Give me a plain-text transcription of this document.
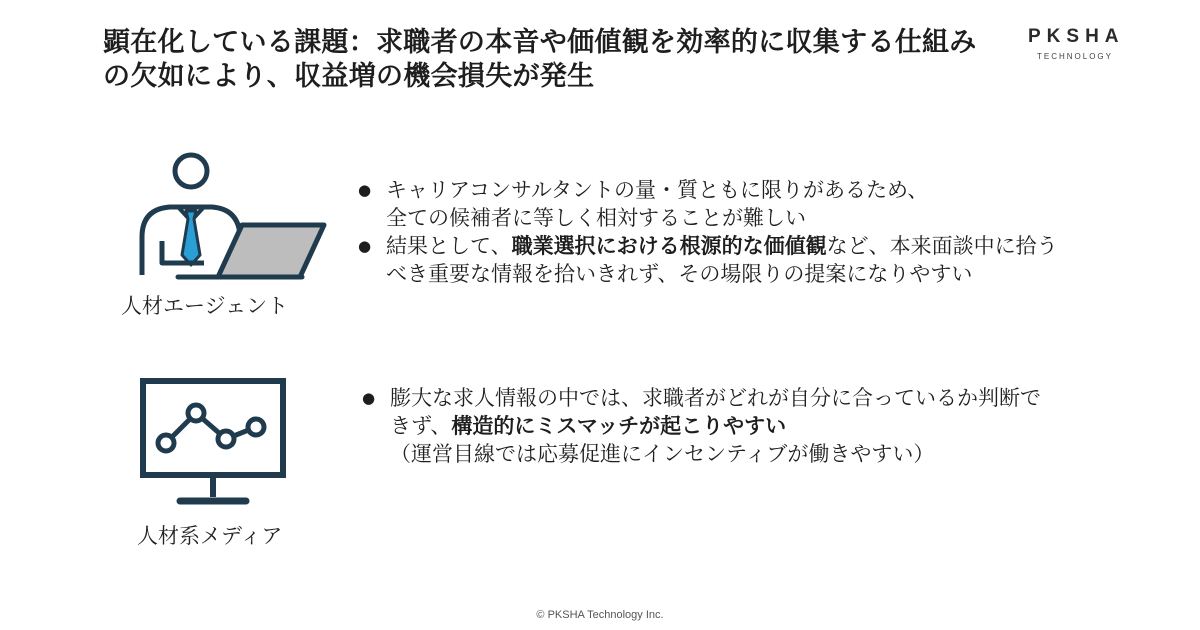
顕在化している課題：求職者の本音や価値観を効率的に収集する仕組み
の欠如により、収益増の機会損失が発生
PKSHA
TECHNOLOGY
人材エージェント
● キャリアコンサルタントの量・質ともに限りがあるため、
全ての候補者に等しく相対することが難しい
● 結果として、職業選択における根源的な価値観など、本来面談中に拾う
べき重要な情報を拾いきれず、その場限りの提案になりやすい
人材系メディア
● 膨大な求人情報の中では、求職者がどれが自分に合っているか判断で
きず、構造的にミスマッチが起こりやすい
（運営目線では応募促進にインセンティブが働きやすい）
© PKSHA Technology Inc.
